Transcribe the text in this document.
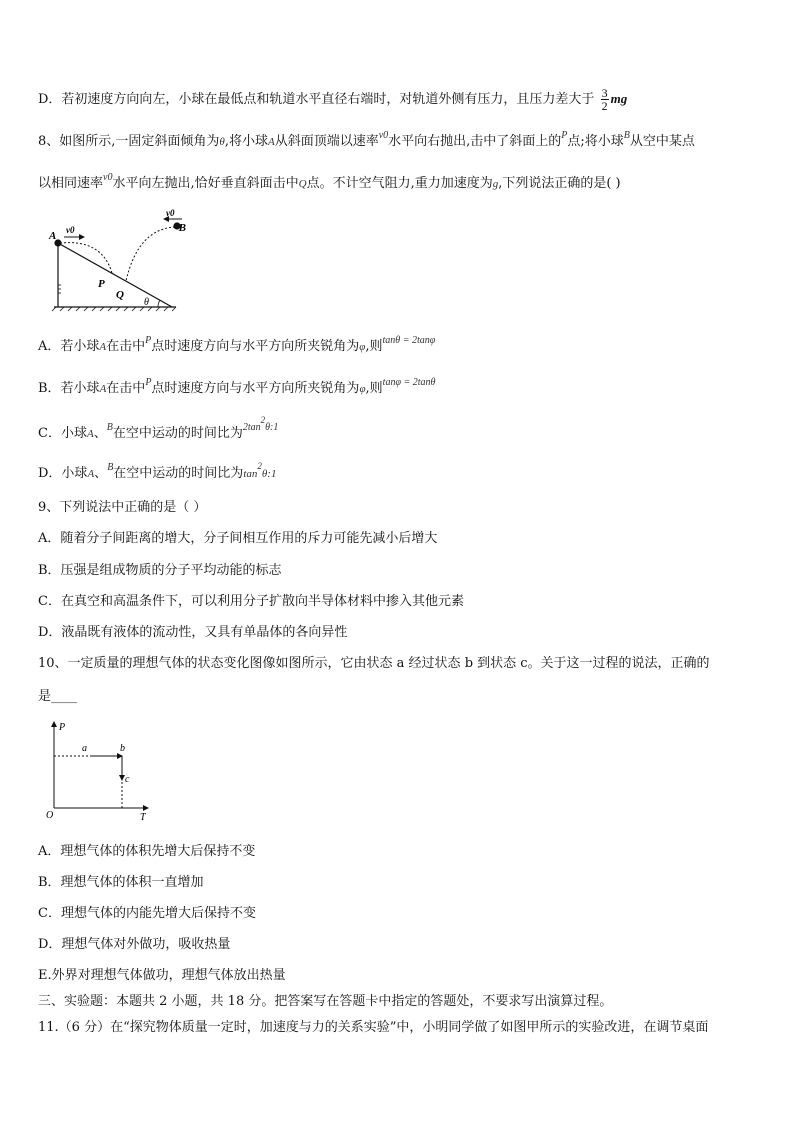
D．若初速度方向向左，小球在最低点和轨道水平直径右端时，对轨道外侧有压力，且压力差大于 $\frac{3}{2}$ mg
8、如图所示,一固定斜面倾角为θ,将小球A从斜面顶端以速率$^{v0}$水平向右抛出,击中了斜面上的$^P$点;将小球$^B$从空中某点
以相同速率$^{v0}$水平向左抛出,恰好垂直斜面击中Q点。不计空气阻力,重力加速度为g,下列说法正确的是( )
A
B
P
Q
θ
v0
v0
A．若小球A在击中$^P$点时速度方向与水平方向所夹锐角为φ,则$^{tan\theta = 2tan\varphi}$
B．若小球A在击中$^P$点时速度方向与水平方向所夹锐角为φ,则$^{tan\varphi = 2tan\theta}$
C．小球A、$^B$在空中运动的时间比为$^{2tan2\theta:1}$
D．小球A、$^B$在空中运动的时间比为$\tan^2\theta:1$
9、下列说法中正确的是（ ）
A．随着分子间距离的增大，分子间相互作用的斥力可能先减小后增大
B．压强是组成物质的分子平均动能的标志
C．在真空和高温条件下，可以利用分子扩散向半导体材料中掺入其他元素
D．液晶既有液体的流动性，又具有单晶体的各向异性
10、一定质量的理想气体的状态变化图像如图所示，它由状态 a 经过状态 b 到状态 c。关于这一过程的说法，正确的
是____
P
T
O
a	b
c
A．理想气体的体积先增大后保持不变
B．理想气体的体积一直增加
C．理想气体的内能先增大后保持不变
D．理想气体对外做功，吸收热量
E.外界对理想气体做功，理想气体放出热量
三、实验题：本题共 2 小题，共 18 分。把答案写在答题卡中指定的答题处，不要求写出演算过程。
11.（6 分）在“探究物体质量一定时，加速度与力的关系实验”中，小明同学做了如图甲所示的实验改进，在调节桌面
